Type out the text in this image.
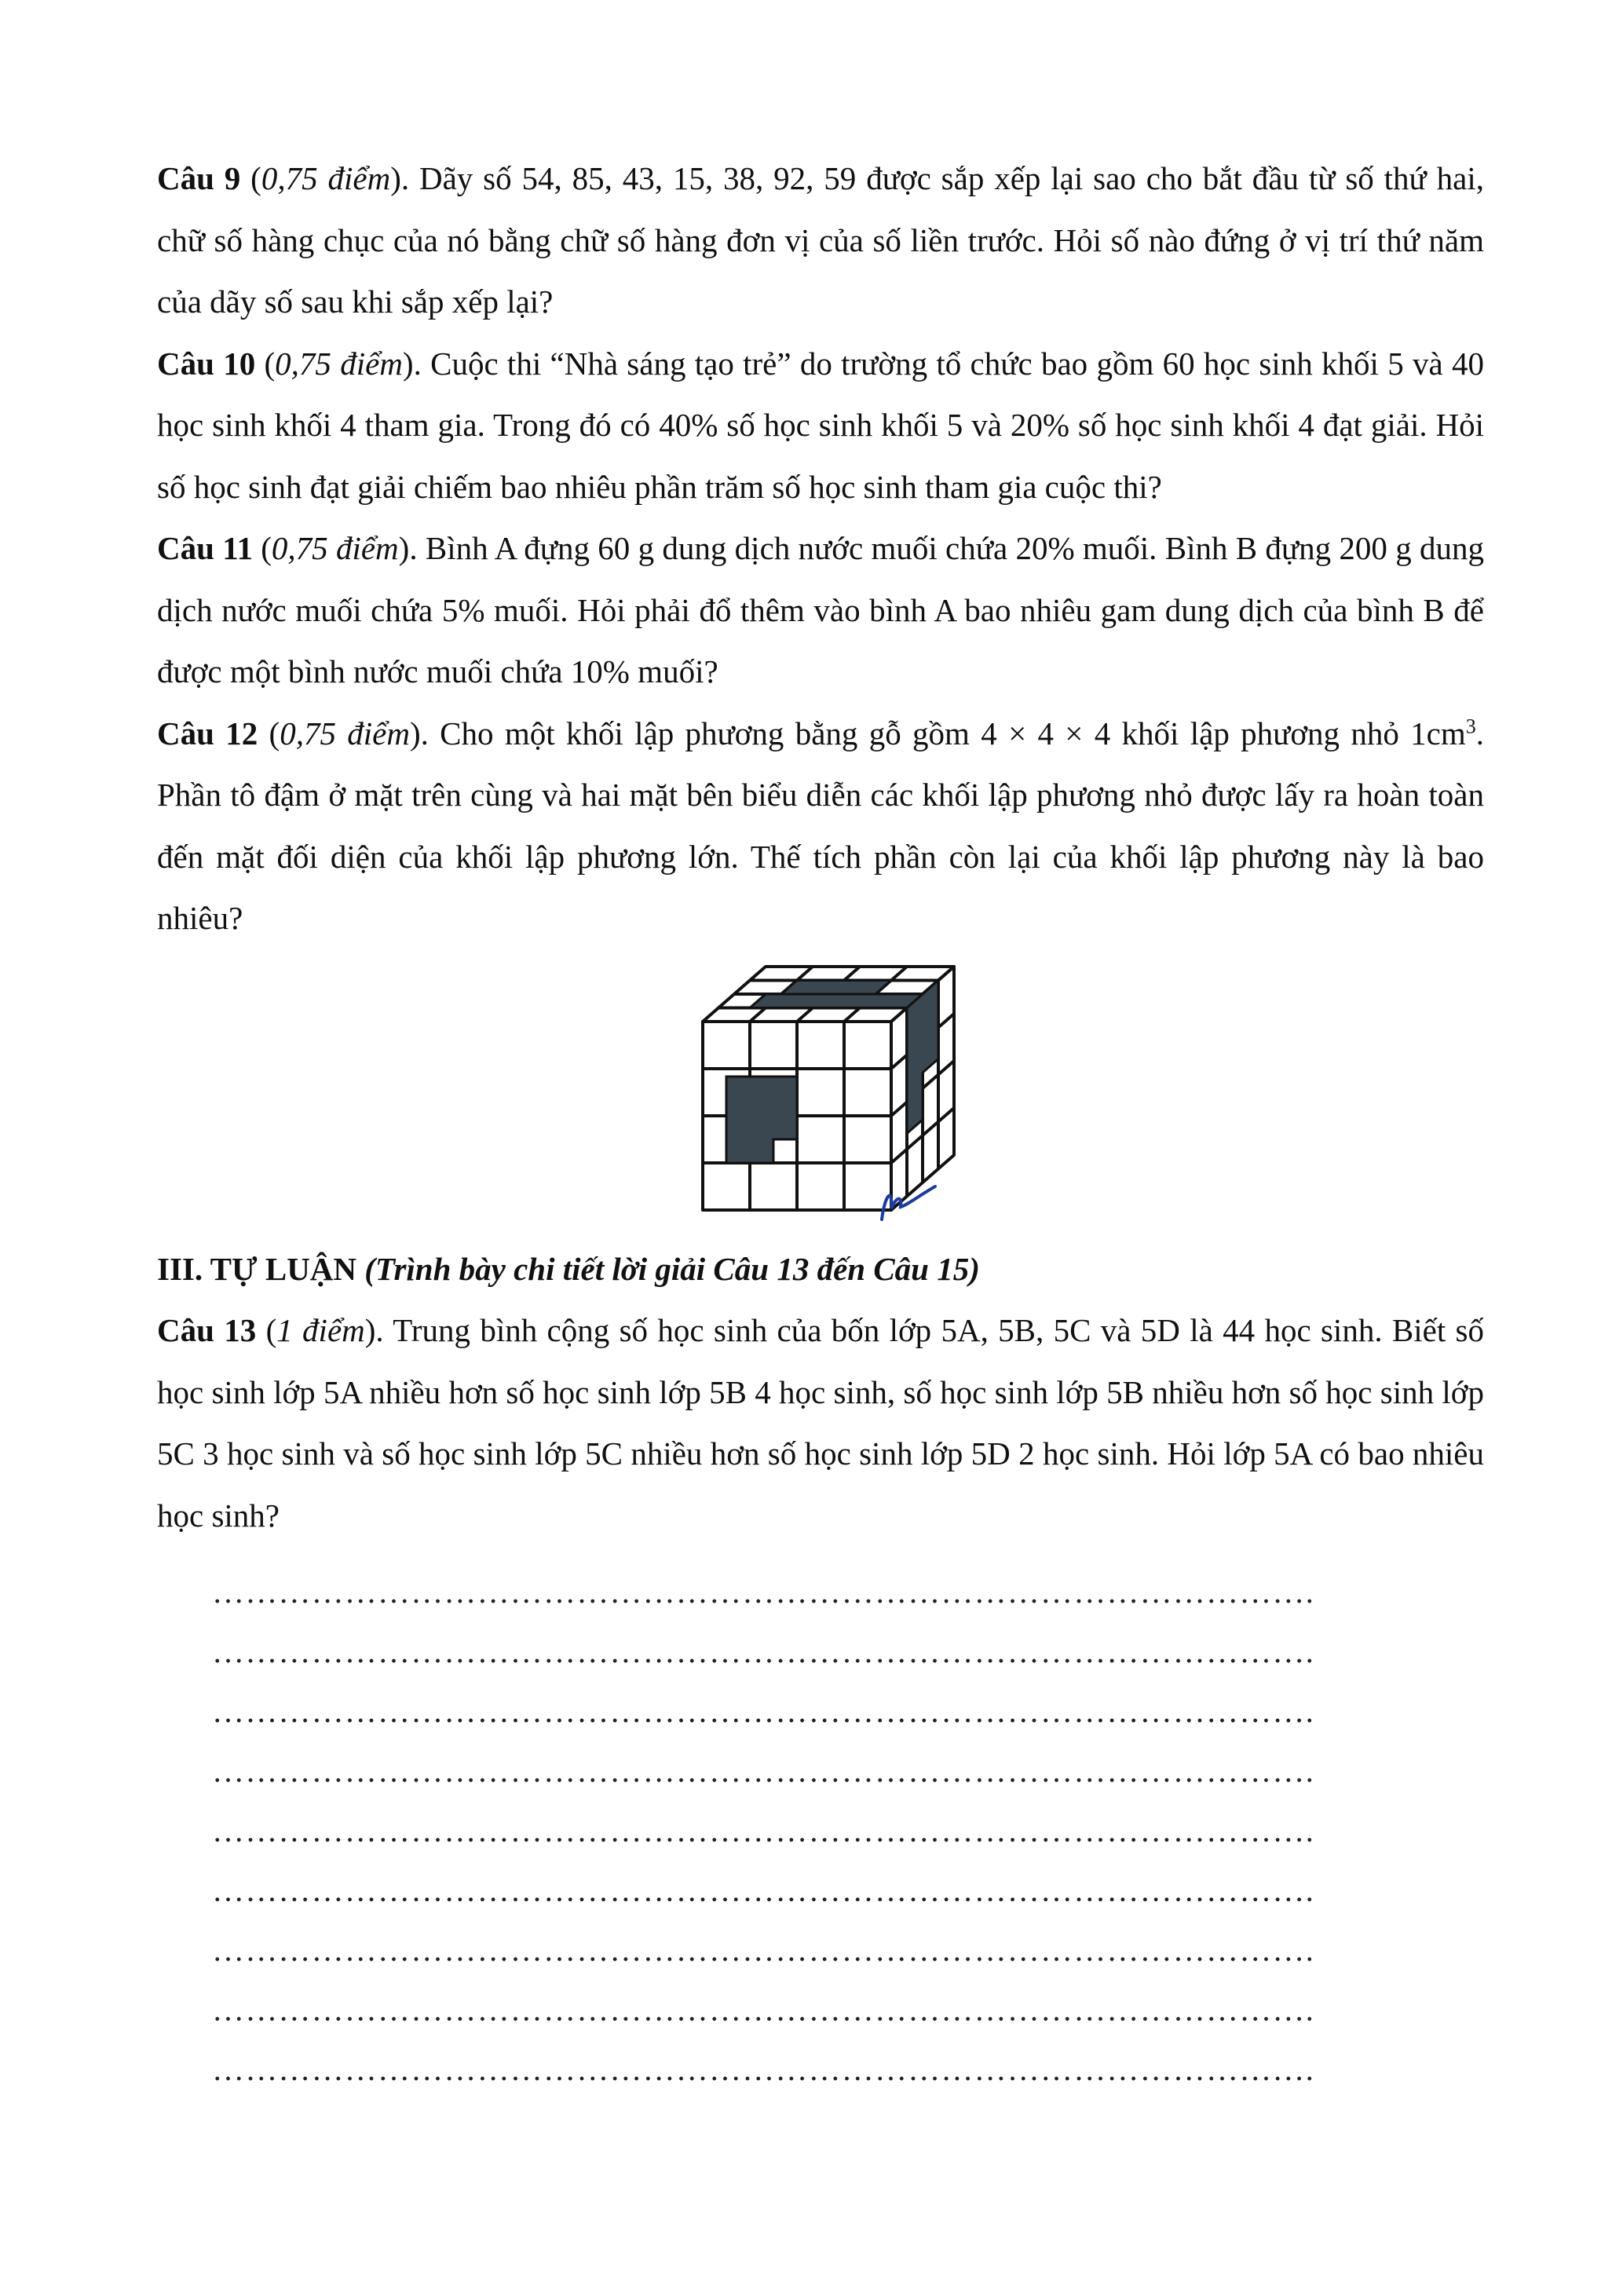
Câu 9 (0,75 điểm). Dãy số 54, 85, 43, 15, 38, 92, 59 được sắp xếp lại sao cho bắt đầu từ số thứ hai, chữ số hàng chục của nó bằng chữ số hàng đơn vị của số liền trước. Hỏi số nào đứng ở vị trí thứ năm của dãy số sau khi sắp xếp lại?

Câu 10 (0,75 điểm). Cuộc thi “Nhà sáng tạo trẻ” do trường tổ chức bao gồm 60 học sinh khối 5 và 40 học sinh khối 4 tham gia. Trong đó có 40% số học sinh khối 5 và 20% số học sinh khối 4 đạt giải. Hỏi số học sinh đạt giải chiếm bao nhiêu phần trăm số học sinh tham gia cuộc thi?

Câu 11 (0,75 điểm). Bình A đựng 60 g dung dịch nước muối chứa 20% muối. Bình B đựng 200 g dung dịch nước muối chứa 5% muối. Hỏi phải đổ thêm vào bình A bao nhiêu gam dung dịch của bình B để được một bình nước muối chứa 10% muối?

Câu 12 (0,75 điểm). Cho một khối lập phương bằng gỗ gồm 4 × 4 × 4 khối lập phương nhỏ $1cm^3$. Phần tô đậm ở mặt trên cùng và hai mặt bên biểu diễn các khối lập phương nhỏ được lấy ra hoàn toàn đến mặt đối diện của khối lập phương lớn. Thế tích phần còn lại của khối lập phương này là bao nhiêu?

III. TỰ LUẬN (Trình bày chi tiết lời giải Câu 13 đến Câu 15)

Câu 13 (1 điểm). Trung bình cộng số học sinh của bốn lớp 5A, 5B, 5C và 5D là 44 học sinh. Biết số học sinh lớp 5A nhiều hơn số học sinh lớp 5B 4 học sinh, số học sinh lớp 5B nhiều hơn số học sinh lớp 5C 3 học sinh và số học sinh lớp 5C nhiều hơn số học sinh lớp 5D 2 học sinh. Hỏi lớp 5A có bao nhiêu học sinh?

……………………………………………………………………………………….
……………………………………………………………………………………….
……………………………………………………………………………………….
……………………………………………………………………………………….
……………………………………………………………………………………….
……………………………………………………………………………………….
……………………………………………………………………………………….
……………………………………………………………………………………….
……………………………………………………………………………………….
